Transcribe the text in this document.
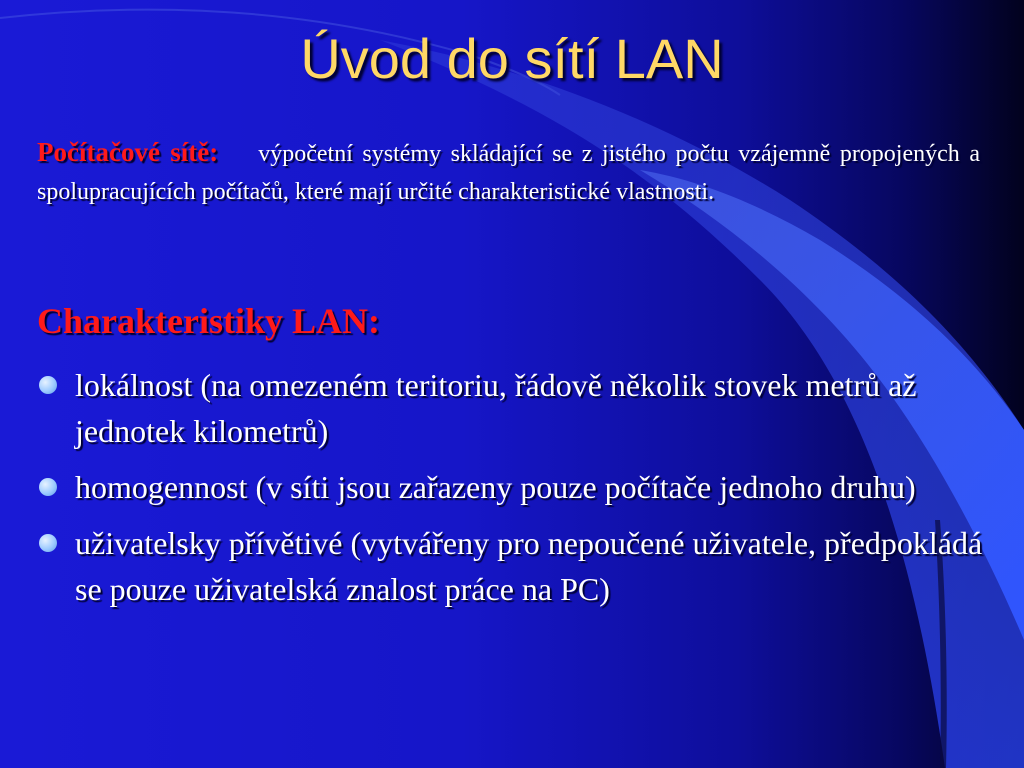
Úvod do sítí LAN
Počítačové sítě: výpočetní systémy skládající se z jistého počtu vzájemně propojených a spolupracujících počítačů, které mají určité charakteristické vlastnosti.
Charakteristiky LAN:
lokálnost (na omezeném teritoriu, řádově několik stovek metrů až jednotek kilometrů)
homogennost (v síti jsou zařazeny pouze počítače jednoho druhu)
uživatelsky přívětivé (vytvářeny pro nepoučené uživatele, předpokládá se pouze uživatelská znalost práce na PC)
